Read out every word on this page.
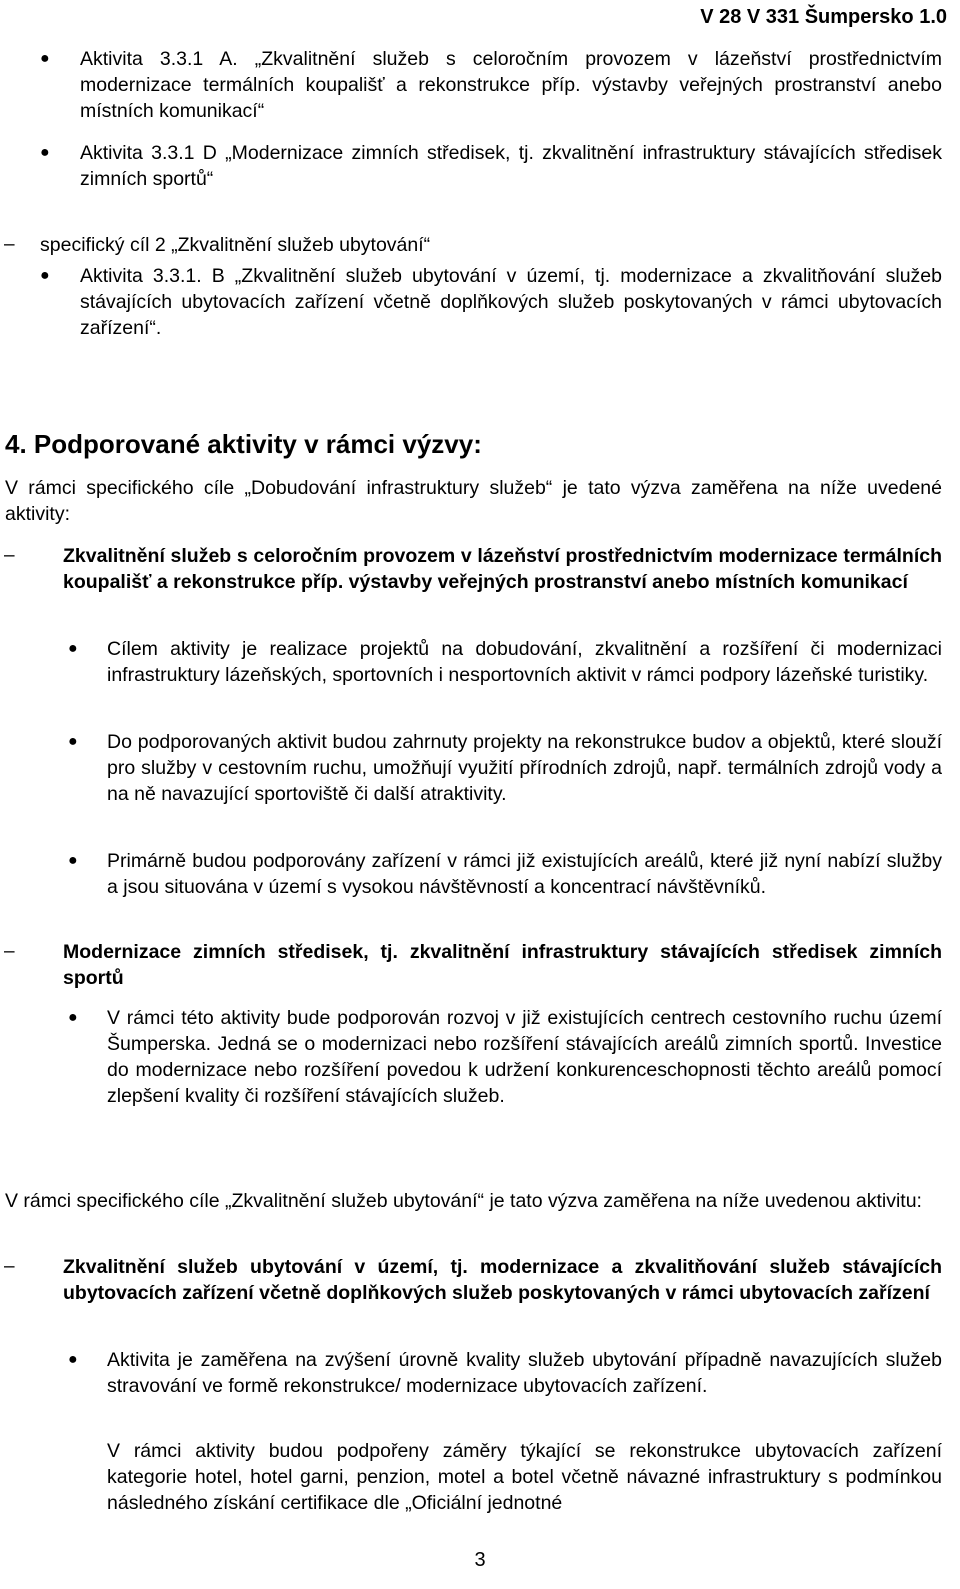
V 28 V 331 Šumpersko 1.0
● Aktivita 3.3.1 A. „Zkvalitnění služeb s celoročním provozem v lázeňství prostřednictvím modernizace termálních koupališť a rekonstrukce příp. výstavby veřejných prostranství anebo místních komunikací“
● Aktivita 3.3.1 D „Modernizace zimních středisek, tj. zkvalitnění infrastruktury stávajících středisek zimních sportů“
– specifický cíl 2 „Zkvalitnění služeb ubytování“
● Aktivita 3.3.1. B „Zkvalitnění služeb ubytování v území, tj. modernizace a zkvalitňování služeb stávajících ubytovacích zařízení včetně doplňkových služeb poskytovaných v rámci ubytovacích zařízení“.
4. Podporované aktivity v rámci výzvy:
V rámci specifického cíle „Dobudování infrastruktury služeb“ je tato výzva zaměřena na níže uvedené aktivity:
– Zkvalitnění služeb s celoročním provozem v lázeňství prostřednictvím modernizace termálních koupališť a rekonstrukce příp. výstavby veřejných prostranství anebo místních komunikací
● Cílem aktivity je realizace projektů na dobudování, zkvalitnění a rozšíření či modernizaci infrastruktury lázeňských, sportovních i nesportovních aktivit v rámci podpory lázeňské turistiky.
● Do podporovaných aktivit budou zahrnuty projekty na rekonstrukce budov a objektů, které slouží pro služby v cestovním ruchu, umožňují využití přírodních zdrojů, např. termálních zdrojů vody a na ně navazující sportoviště či další atraktivity.
● Primárně budou podporovány zařízení v rámci již existujících areálů, které již nyní nabízí služby a jsou situována v území s vysokou návštěvností a koncentrací návštěvníků.
– Modernizace zimních středisek, tj. zkvalitnění infrastruktury stávajících středisek zimních sportů
● V rámci této aktivity bude podporován rozvoj v již existujících centrech cestovního ruchu území Šumperska. Jedná se o modernizaci nebo rozšíření stávajících areálů zimních sportů. Investice do modernizace nebo rozšíření povedou k udržení konkurenceschopnosti těchto areálů pomocí zlepšení kvality či rozšíření stávajících služeb.
V rámci specifického cíle „Zkvalitnění služeb ubytování“ je tato výzva zaměřena na níže uvedenou aktivitu:
– Zkvalitnění služeb ubytování v území, tj. modernizace a zkvalitňování služeb stávajících ubytovacích zařízení včetně doplňkových služeb poskytovaných v rámci ubytovacích zařízení
● Aktivita je zaměřena na zvýšení úrovně kvality služeb ubytování případně navazujících služeb stravování ve formě rekonstrukce/ modernizace ubytovacích zařízení.
V rámci aktivity budou podpořeny záměry týkající se rekonstrukce ubytovacích zařízení kategorie hotel, hotel garni, penzion, motel a botel včetně návazné infrastruktury s podmínkou následného získání certifikace dle „Oficiální jednotné
3
